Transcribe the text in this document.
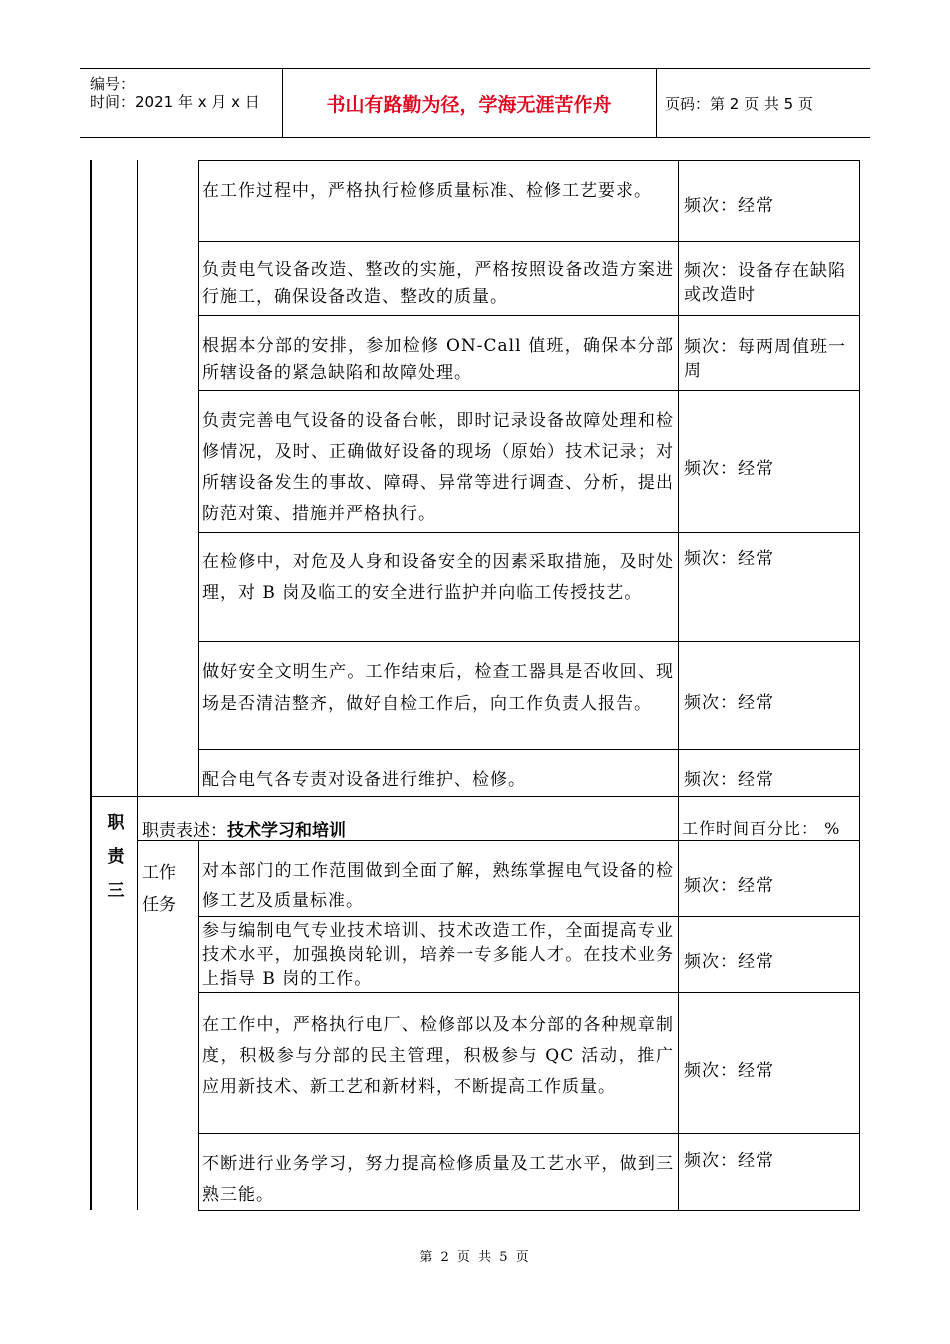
编号：
时间：2021 年 x 月 x 日	书山有路勤为径，学海无涯苦作舟	页码：第 2 页 共 5 页
在工作过程中，严格执行检修质量标准、检修工艺要求。
频次：经常
负责电气设备改造、整改的实施，严格按照设备改造方案进行施工，确保设备改造、整改的质量。
频次：设备存在缺陷或改造时
根据本分部的安排，参加检修 ON-Call 值班，确保本分部所辖设备的紧急缺陷和故障处理。
频次：每两周值班一周
负责完善电气设备的设备台帐，即时记录设备故障处理和检修情况，及时、正确做好设备的现场（原始）技术记录；对所辖设备发生的事故、障碍、异常等进行调查、分析，提出防范对策、措施并严格执行。
频次：经常
在检修中，对危及人身和设备安全的因素采取措施，及时处理，对 B 岗及临工的安全进行监护并向临工传授技艺。
频次：经常
做好安全文明生产。工作结束后，检查工器具是否收回、现场是否清洁整齐，做好自检工作后，向工作负责人报告。	频次：经常
配合电气各专责对设备进行维护、检修。	频次：经常
职
责
三
职责表述：技术学习和培训	工作时间百分比： %
工作
任务
对本部门的工作范围做到全面了解，熟练掌握电气设备的检修工艺及质量标准。
频次：经常
参与编制电气专业技术培训、技术改造工作，全面提高专业技术水平，加强换岗轮训，培养一专多能人才。在技术业务上指导 B 岗的工作。
频次：经常
在工作中，严格执行电厂、检修部以及本分部的各种规章制度，积极参与分部的民主管理，积极参与 QC 活动，推广应用新技术、新工艺和新材料，不断提高工作质量。
频次：经常
不断进行业务学习，努力提高检修质量及工艺水平，做到三熟三能。
频次：经常
第 2 页 共 5 页
